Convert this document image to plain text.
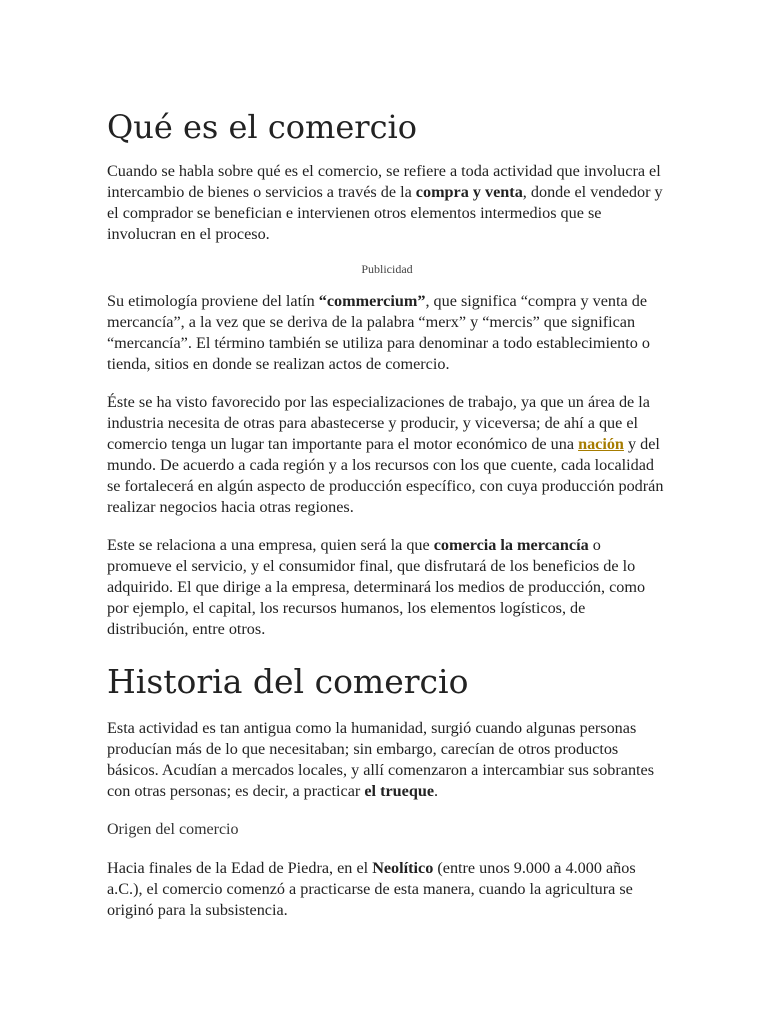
Qué es el comercio

Cuando se habla sobre qué es el comercio, se refiere a toda actividad que involucra el intercambio de bienes o servicios a través de la compra y venta, donde el vendedor y el comprador se benefician e intervienen otros elementos intermedios que se involucran en el proceso.

Publicidad

Su etimología proviene del latín “commercium”, que significa “compra y venta de mercancía”, a la vez que se deriva de la palabra “merx” y “mercis” que significan “mercancía”. El término también se utiliza para denominar a todo establecimiento o tienda, sitios en donde se realizan actos de comercio.

Éste se ha visto favorecido por las especializaciones de trabajo, ya que un área de la industria necesita de otras para abastecerse y producir, y viceversa; de ahí a que el comercio tenga un lugar tan importante para el motor económico de una nación y del mundo. De acuerdo a cada región y a los recursos con los que cuente, cada localidad se fortalecerá en algún aspecto de producción específico, con cuya producción podrán realizar negocios hacia otras regiones.

Este se relaciona a una empresa, quien será la que comercia la mercancía o promueve el servicio, y el consumidor final, que disfrutará de los beneficios de lo adquirido. El que dirige a la empresa, determinará los medios de producción, como por ejemplo, el capital, los recursos humanos, los elementos logísticos, de distribución, entre otros.

Historia del comercio

Esta actividad es tan antigua como la humanidad, surgió cuando algunas personas producían más de lo que necesitaban; sin embargo, carecían de otros productos básicos. Acudían a mercados locales, y allí comenzaron a intercambiar sus sobrantes con otras personas; es decir, a practicar el trueque.

Origen del comercio

Hacia finales de la Edad de Piedra, en el Neolítico (entre unos 9.000 a 4.000 años a.C.), el comercio comenzó a practicarse de esta manera, cuando la agricultura se originó para la subsistencia.
